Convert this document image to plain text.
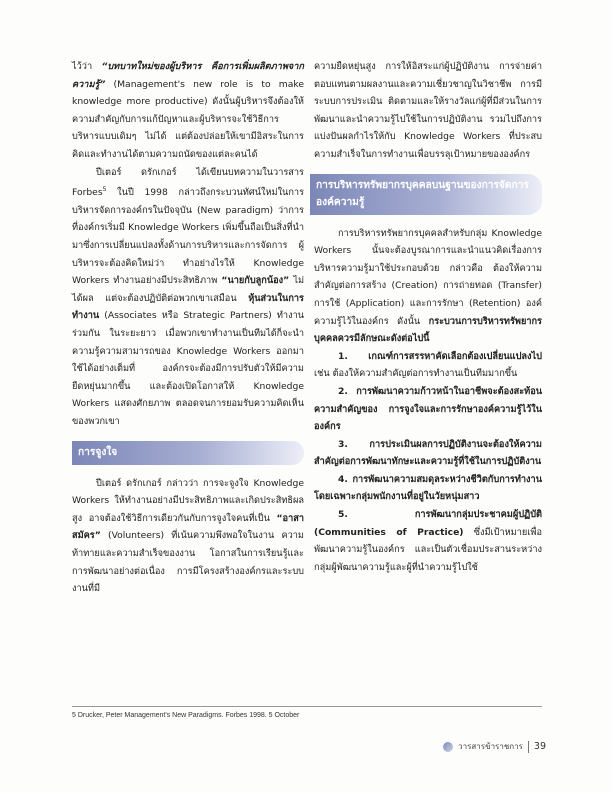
ไว้ว่า “บทบาทใหม่ของผู้บริหาร คือการเพิ่มผลิตภาพจากความรู้” (Management's new role is to make knowledge more productive) ดังนั้นผู้บริหารจึงต้องให้ความสำคัญกับการแก้ปัญหาและผู้บริหารจะใช้วิธีการบริหารแบบเดิมๆ ไม่ได้ แต่ต้องปล่อยให้เขามีอิสระในการคิดและทำงานได้ตามความถนัดของแต่ละคนได้

ปีเตอร์ ดรักเกอร์ ได้เขียนบทความในวารสาร Forbes$^5$ ในปี 1998 กล่าวถึงกระบวนทัศน์ใหม่ในการบริหารจัดการองค์กรในปัจจุบัน (New paradigm) ว่าการที่องค์กรเริ่มมี Knowledge Workers เพิ่มขึ้นถือเป็นสิ่งที่นำมาซึ่งการเปลี่ยนแปลงทั้งด้านการบริหารและการจัดการ ผู้บริหารจะต้องคิดใหม่ว่า ทำอย่างไรให้ Knowledge Workers ทำงานอย่างมีประสิทธิภาพ “นายกับลูกน้อง” ไม่ได้ผล แต่จะต้องปฏิบัติต่อพวกเขาเสมือน หุ้นส่วนในการทำงาน (Associates หรือ Strategic Partners) ทำงานร่วมกัน ในระยะยาว เมื่อพวกเขาทำงานเป็นทีมได้ก็จะนำความรู้ความสามารถของ Knowledge Workers ออกมาใช้ได้อย่างเต็มที่ องค์กรจะต้องมีการปรับตัวให้มีความยืดหยุ่นมากขึ้น และต้องเปิดโอกาสให้ Knowledge Workers แสดงศักยภาพ ตลอดจนการยอมรับความคิดเห็นของพวกเขา

การจูงใจ

ปีเตอร์ ดรักเกอร์ กล่าวว่า การจะจูงใจ Knowledge Workers ให้ทำงานอย่างมีประสิทธิภาพและเกิดประสิทธิผลสูง อาจต้องใช้วิธีการเดียวกันกับการจูงใจคนที่เป็น “อาสาสมัคร” (Volunteers) ที่เน้นความพึงพอใจในงาน ความท้าทายและความสำเร็จของงาน โอกาสในการเรียนรู้และการพัฒนาอย่างต่อเนื่อง การมีโครงสร้างองค์กรและระบบงานที่มี

ความยืดหยุ่นสูง การให้อิสระแก่ผู้ปฏิบัติงาน การจ่ายค่าตอบแทนตามผลงานและความเชี่ยวชาญในวิชาชีพ การมีระบบการประเมิน ติดตามและให้รางวัลแก่ผู้ที่มีส่วนในการพัฒนาและนำความรู้ไปใช้ในการปฏิบัติงาน รวมไปถึงการแบ่งปันผลกำไรให้กับ Knowledge Workers ที่ประสบความสำเร็จในการทำงานเพื่อบรรลุเป้าหมายขององค์กร

การบริหารทรัพยากรบุคคลบนฐานของการจัดการองค์ความรู้

การบริหารทรัพยากรบุคคลสำหรับกลุ่ม Knowledge Workers นั้นจะต้องบูรณาการและนำแนวคิดเรื่องการบริหารความรู้มาใช้ประกอบด้วย กล่าวคือ ต้องให้ความสำคัญต่อการสร้าง (Creation) การถ่ายทอด (Transfer) การใช้ (Application) และการรักษา (Retention) องค์ความรู้ไว้ในองค์กร ดังนั้น กระบวนการบริหารทรัพยากรบุคคลควรมีลักษณะดังต่อไปนี้

1. เกณฑ์การสรรหาคัดเลือกต้องเปลี่ยนแปลงไป เช่น ต้องให้ความสำคัญต่อการทำงานเป็นทีมมากขึ้น

2. การพัฒนาความก้าวหน้าในอาชีพจะต้องสะท้อนความสำคัญของ การจูงใจและการรักษาองค์ความรู้ไว้ในองค์กร

3. การประเมินผลการปฏิบัติงานจะต้องให้ความสำคัญต่อการพัฒนาทักษะและความรู้ที่ใช้ในการปฏิบัติงาน

4. การพัฒนาความสมดุลระหว่างชีวิตกับการทำงาน โดยเฉพาะกลุ่มพนักงานที่อยู่ในวัยหนุ่มสาว

5. การพัฒนากลุ่มประชาคมผู้ปฏิบัติ (Communities of Practice) ซึ่งมีเป้าหมายเพื่อพัฒนาความรู้ในองค์กร และเป็นตัวเชื่อมประสานระหว่างกลุ่มผู้พัฒนาความรู้และผู้ที่นำความรู้ไปใช้

5 Drucker, Peter Management's New Paradigms. Forbes 1998. 5 October
วารสารข้าราชการ 39
